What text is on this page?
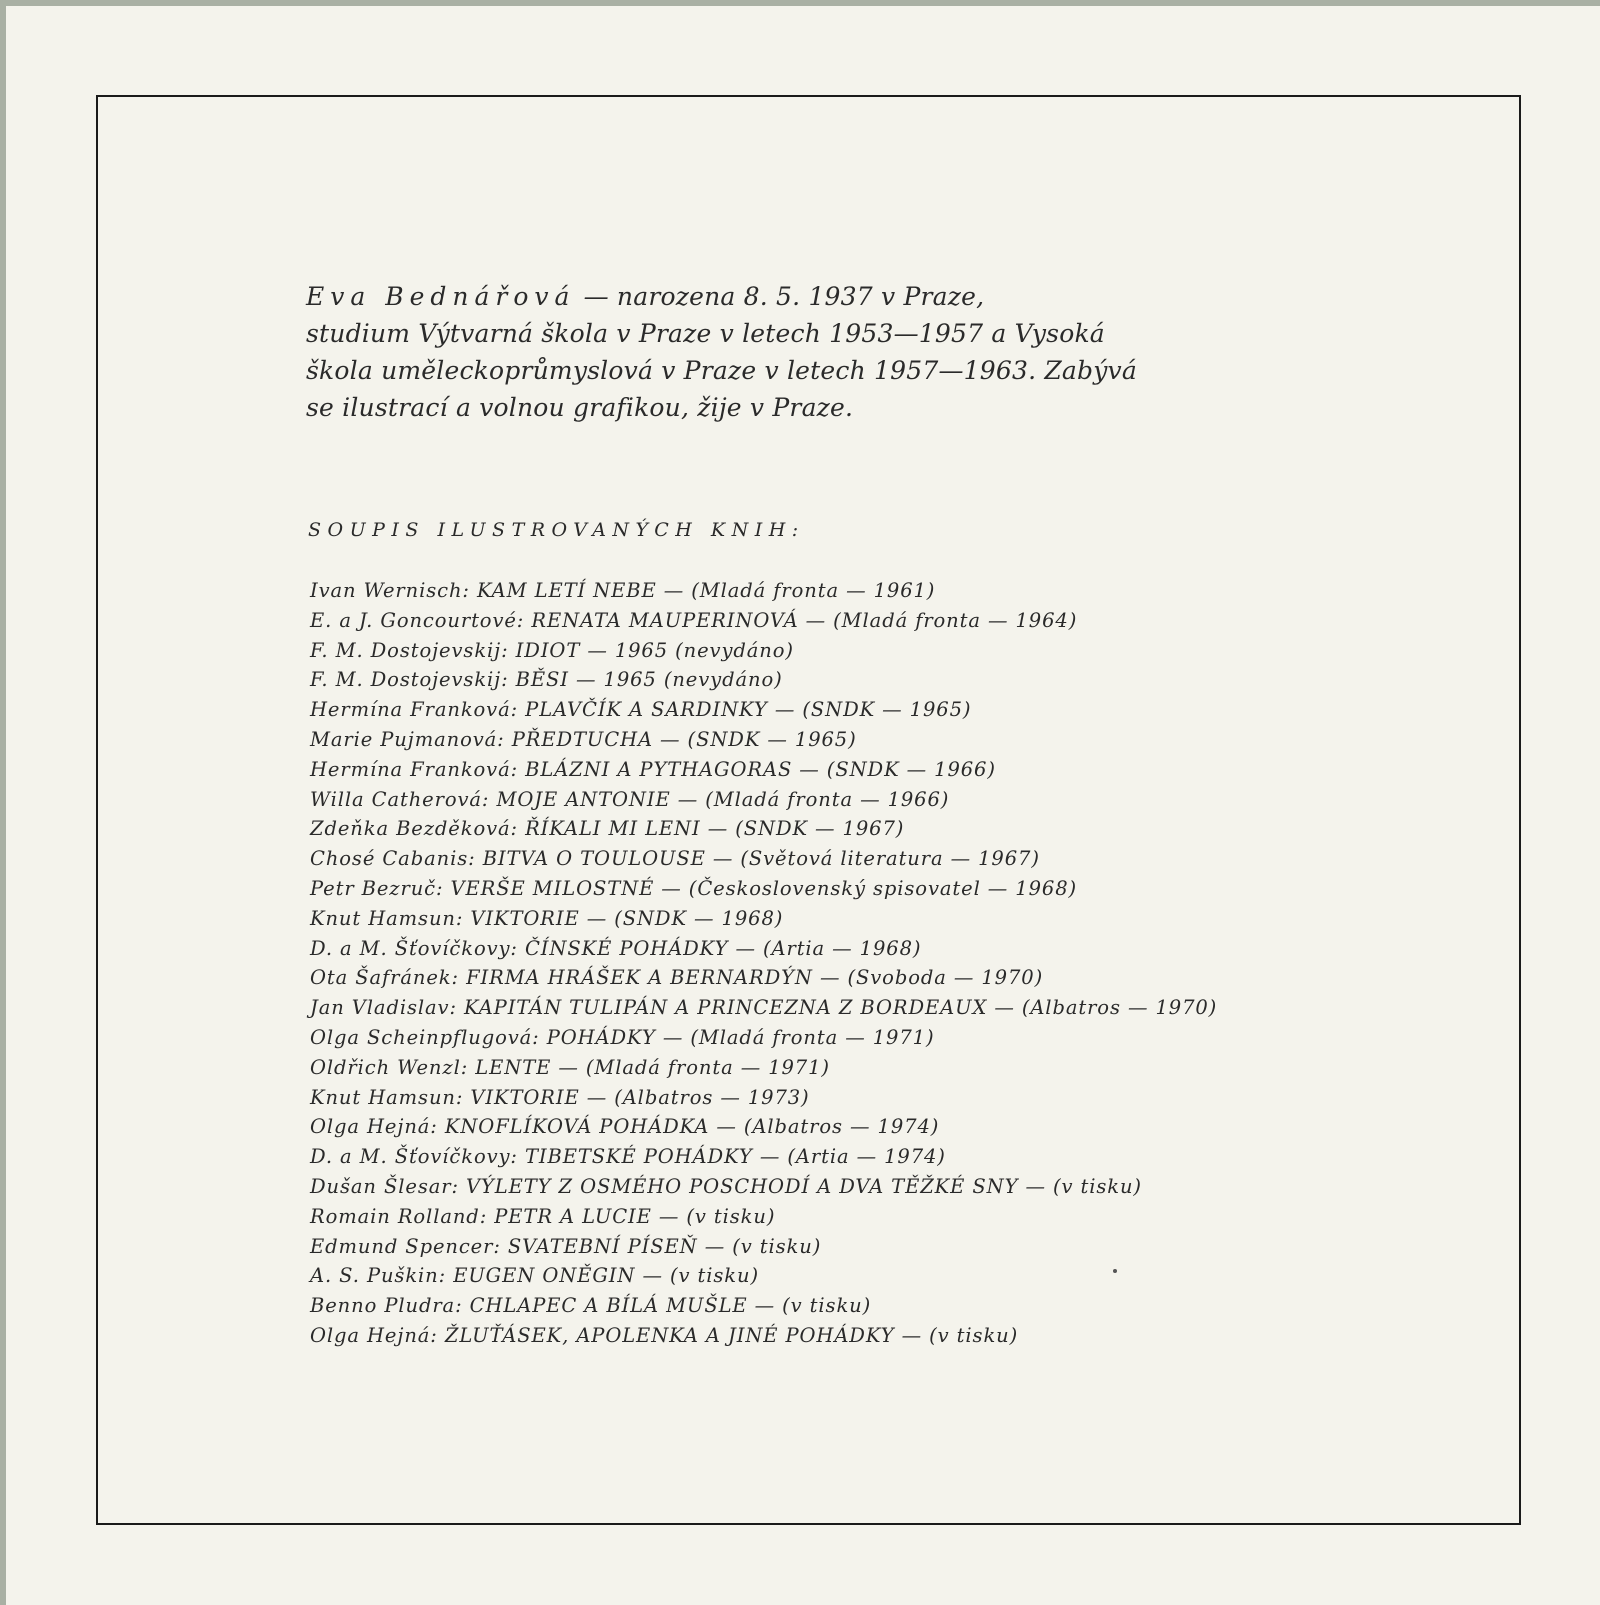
Eva Bednářová — narozena 8. 5. 1937 v Praze,

studium Výtvarná škola v Praze v letech 1953—1957 a Vysoká

škola uměleckoprůmyslová v Praze v letech 1957—1963. Zabývá

se ilustrací a volnou grafikou, žije v Praze.

SOUPIS ILUSTROVANÝCH KNIH:
Ivan Wernisch: KAM LETÍ NEBE — (Mladá fronta — 1961)
E. a J. Goncourtové: RENATA MAUPERINOVÁ — (Mladá fronta — 1964)
F. M. Dostojevskij: IDIOT — 1965 (nevydáno)
F. M. Dostojevskij: BĚSI — 1965 (nevydáno)
Hermína Franková: PLAVČÍK A SARDINKY — (SNDK — 1965)
Marie Pujmanová: PŘEDTUCHA — (SNDK — 1965)
Hermína Franková: BLÁZNI A PYTHAGORAS — (SNDK — 1966)
Willa Catherová: MOJE ANTONIE — (Mladá fronta — 1966)
Zdeňka Bezděková: ŘÍKALI MI LENI — (SNDK — 1967)
Chosé Cabanis: BITVA O TOULOUSE — (Světová literatura — 1967)
Petr Bezruč: VERŠE MILOSTNÉ — (Československý spisovatel — 1968)
Knut Hamsun: VIKTORIE — (SNDK — 1968)
D. a M. Šťovíčkovy: ČÍNSKÉ POHÁDKY — (Artia — 1968)
Ota Šafránek: FIRMA HRÁŠEK A BERNARDÝN — (Svoboda — 1970)
Jan Vladislav: KAPITÁN TULIPÁN A PRINCEZNA Z BORDEAUX — (Albatros — 1970)
Olga Scheinpflugová: POHÁDKY — (Mladá fronta — 1971)
Oldřich Wenzl: LENTE — (Mladá fronta — 1971)
Knut Hamsun: VIKTORIE — (Albatros — 1973)
Olga Hejná: KNOFLÍKOVÁ POHÁDKA — (Albatros — 1974)
D. a M. Šťovíčkovy: TIBETSKÉ POHÁDKY — (Artia — 1974)
Dušan Šlesar: VÝLETY Z OSMÉHO POSCHODÍ A DVA TĚŽKÉ SNY — (v tisku)
Romain Rolland: PETR A LUCIE — (v tisku)
Edmund Spencer: SVATEBNÍ PÍSEŇ — (v tisku)
A. S. Puškin: EUGEN ONĚGIN — (v tisku)
Benno Pludra: CHLAPEC A BÍLÁ MUŠLE — (v tisku)
Olga Hejná: ŽLUŤÁSEK, APOLENKA A JINÉ POHÁDKY — (v tisku)
